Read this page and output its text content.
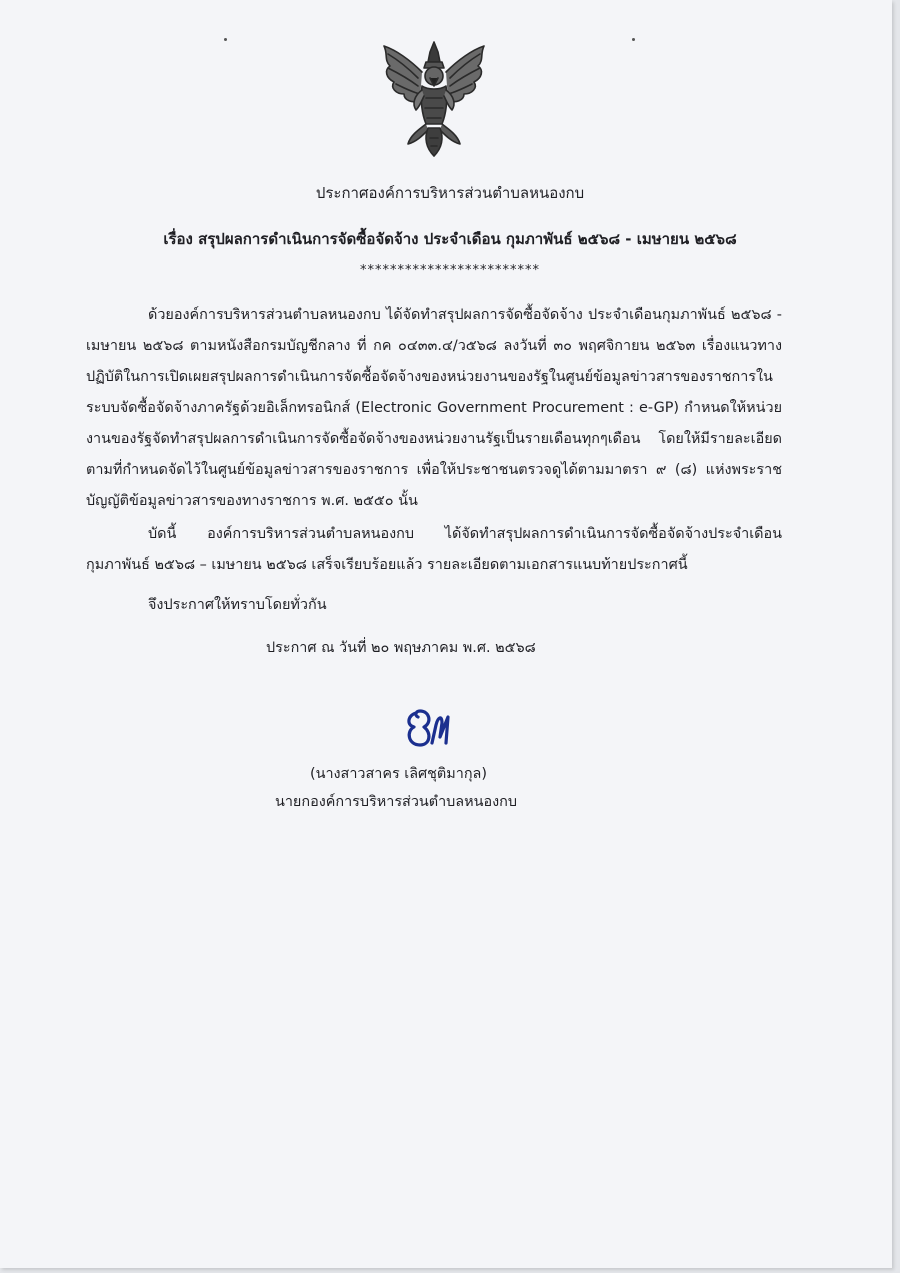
ประกาศองค์การบริหารส่วนตำบลหนองกบ
เรื่อง สรุปผลการดำเนินการจัดซื้อจัดจ้าง ประจำเดือน กุมภาพันธ์ ๒๕๖๘ - เมษายน ๒๕๖๘
************************

ด้วยองค์การบริหารส่วนตำบลหนองกบ ได้จัดทำสรุปผลการจัดซื้อจัดจ้าง ประจำเดือนกุมภาพันธ์ ๒๕๖๘ - เมษายน ๒๕๖๘ ตามหนังสือกรมบัญชีกลาง ที่ กค ๐๔๓๓.๔/ว๕๖๘ ลงวันที่ ๓๐ พฤศจิกายน ๒๕๖๓ เรื่องแนวทางปฏิบัติในการเปิดเผยสรุปผลการดำเนินการจัดซื้อจัดจ้างของหน่วยงานของรัฐในศูนย์ข้อมูลข่าวสารของราชการในระบบจัดซื้อจัดจ้างภาครัฐด้วยอิเล็กทรอนิกส์ (Electronic Government Procurement : e-GP) กำหนดให้หน่วยงานของรัฐจัดทำสรุปผลการดำเนินการจัดซื้อจัดจ้างของหน่วยงานรัฐเป็นรายเดือนทุกๆเดือน โดยให้มีรายละเอียดตามที่กำหนดจัดไว้ในศูนย์ข้อมูลข่าวสารของราชการ เพื่อให้ประชาชนตรวจดูได้ตามมาตรา ๙ (๘) แห่งพระราชบัญญัติข้อมูลข่าวสารของทางราชการ พ.ศ. ๒๕๕๐ นั้น

บัดนี้ องค์การบริหารส่วนตำบลหนองกบ ได้จัดทำสรุปผลการดำเนินการจัดซื้อจัดจ้างประจำเดือนกุมภาพันธ์ ๒๕๖๘ – เมษายน ๒๕๖๘ เสร็จเรียบร้อยแล้ว รายละเอียดตามเอกสารแนบท้ายประกาศนี้

จึงประกาศให้ทราบโดยทั่วกัน
ประกาศ ณ วันที่ ๒๐ พฤษภาคม พ.ศ. ๒๕๖๘
(นางสาวสาคร เลิศชุติมากุล)
นายกองค์การบริหารส่วนตำบลหนองกบ
